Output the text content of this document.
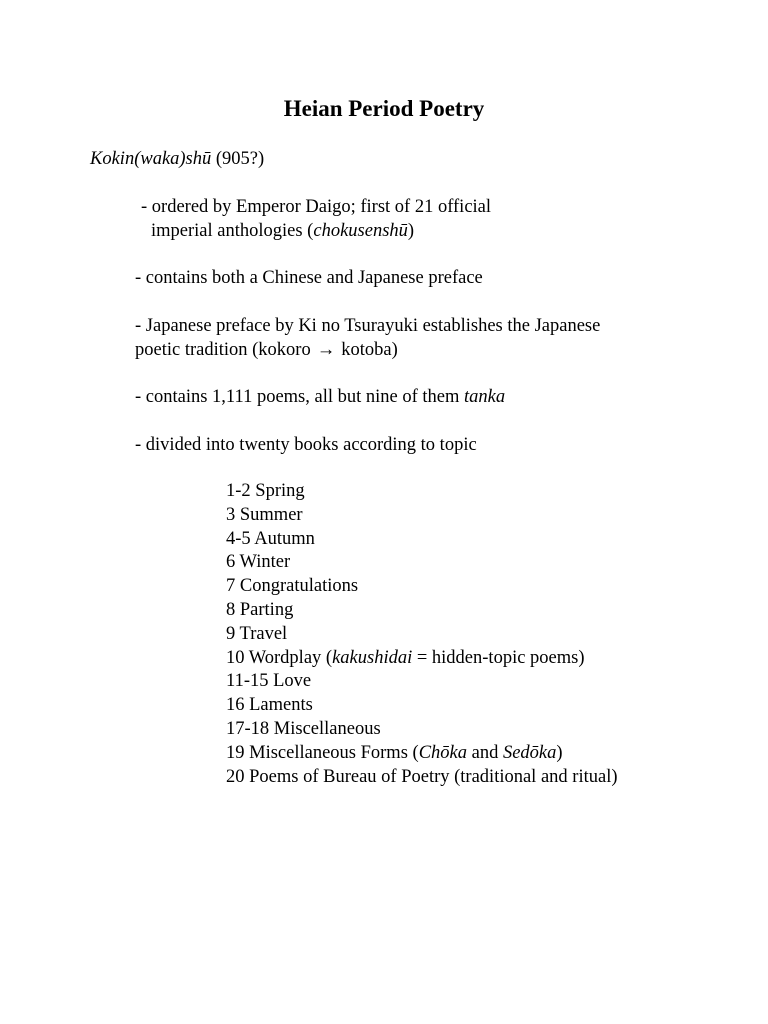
Heian Period Poetry
Kokin(waka)shū (905?)
- ordered by Emperor Daigo; first of 21 official
imperial anthologies (chokusenshū)
- contains both a Chinese and Japanese preface
- Japanese preface by Ki no Tsurayuki establishes the Japanese
poetic tradition (kokoro → kotoba)
- contains 1,111 poems, all but nine of them tanka
- divided into twenty books according to topic
1-2 Spring
3 Summer
4-5 Autumn
6 Winter
7 Congratulations
8 Parting
9 Travel
10 Wordplay (kakushidai = hidden-topic poems)
11-15 Love
16 Laments
17-18 Miscellaneous
19 Miscellaneous Forms (Chōka and Sedōka)
20 Poems of Bureau of Poetry (traditional and ritual)
